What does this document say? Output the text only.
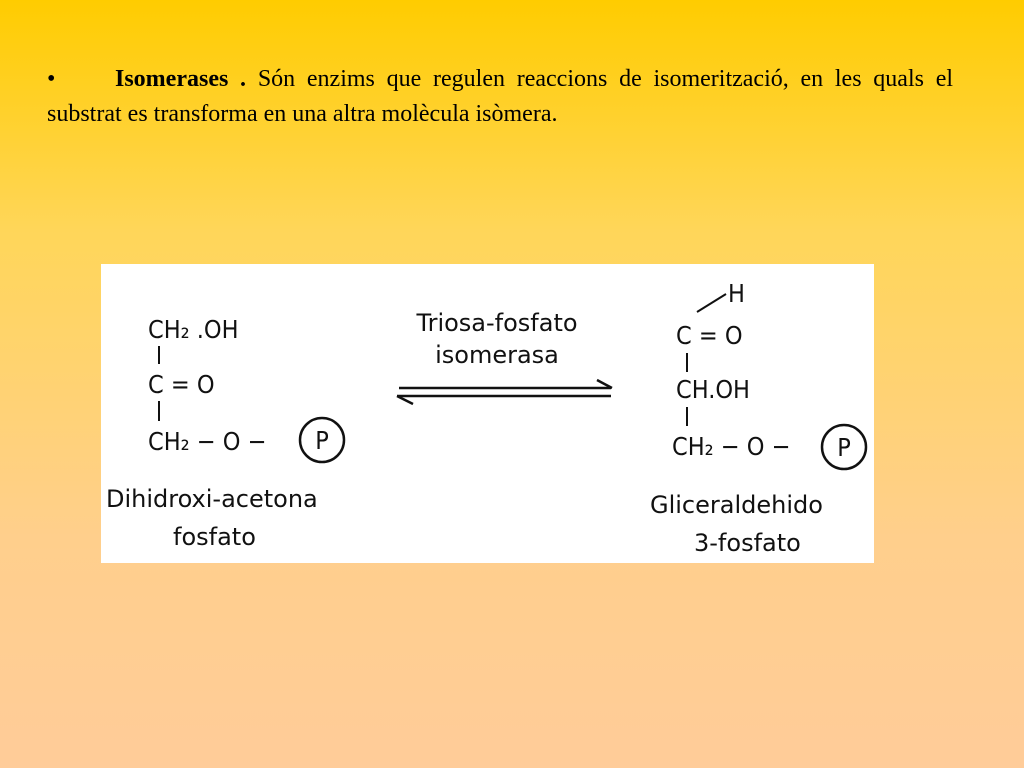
• Isomerases . Són enzims que regulen reaccions de isomerització, en les quals el substrat es transforma en una altra molècula isòmera.
CH₂ .OH
C = O
CH₂ − O − P
Dihidroxi-acetona
fosfato
Triosa-fosfato
isomerasa
H
C = O
CH.OH
CH₂ − O − P
Gliceraldehido
3-fosfato
